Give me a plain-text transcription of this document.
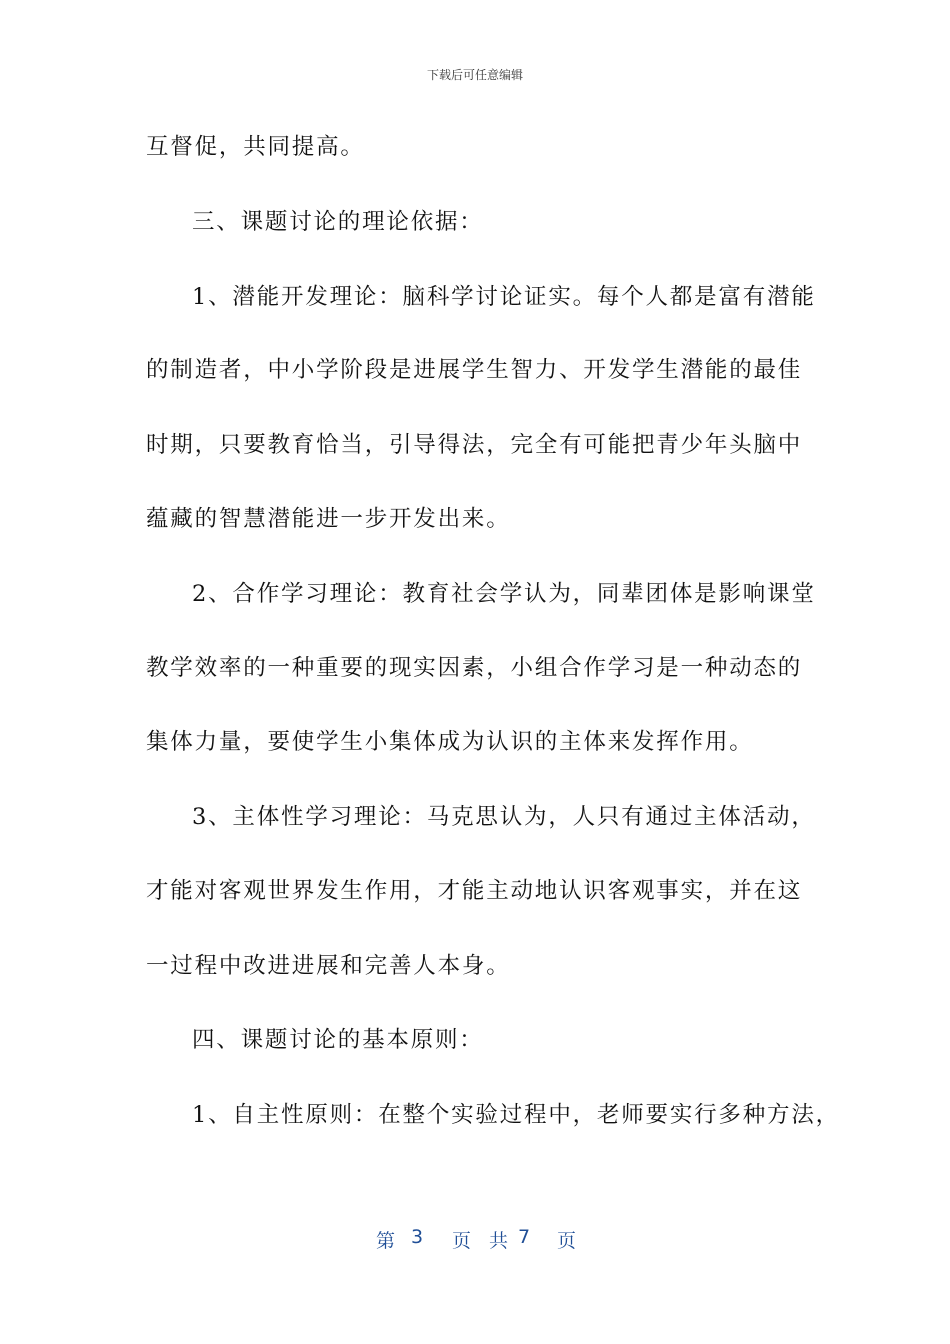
下载后可任意编辑

互督促，共同提高。

三、课题讨论的理论依据：

1、潜能开发理论：脑科学讨论证实。每个人都是富有潜能

的制造者，中小学阶段是进展学生智力、开发学生潜能的最佳

时期，只要教育恰当，引导得法，完全有可能把青少年头脑中

蕴藏的智慧潜能进一步开发出来。

2、合作学习理论：教育社会学认为，同辈团体是影响课堂

教学效率的一种重要的现实因素，小组合作学习是一种动态的

集体力量，要使学生小集体成为认识的主体来发挥作用。

3、主体性学习理论：马克思认为，人只有通过主体活动，

才能对客观世界发生作用，才能主动地认识客观事实，并在这

一过程中改进进展和完善人本身。

四、课题讨论的基本原则：

1、自主性原则：在整个实验过程中，老师要实行多种方法，

第 3 页 共 7 页
